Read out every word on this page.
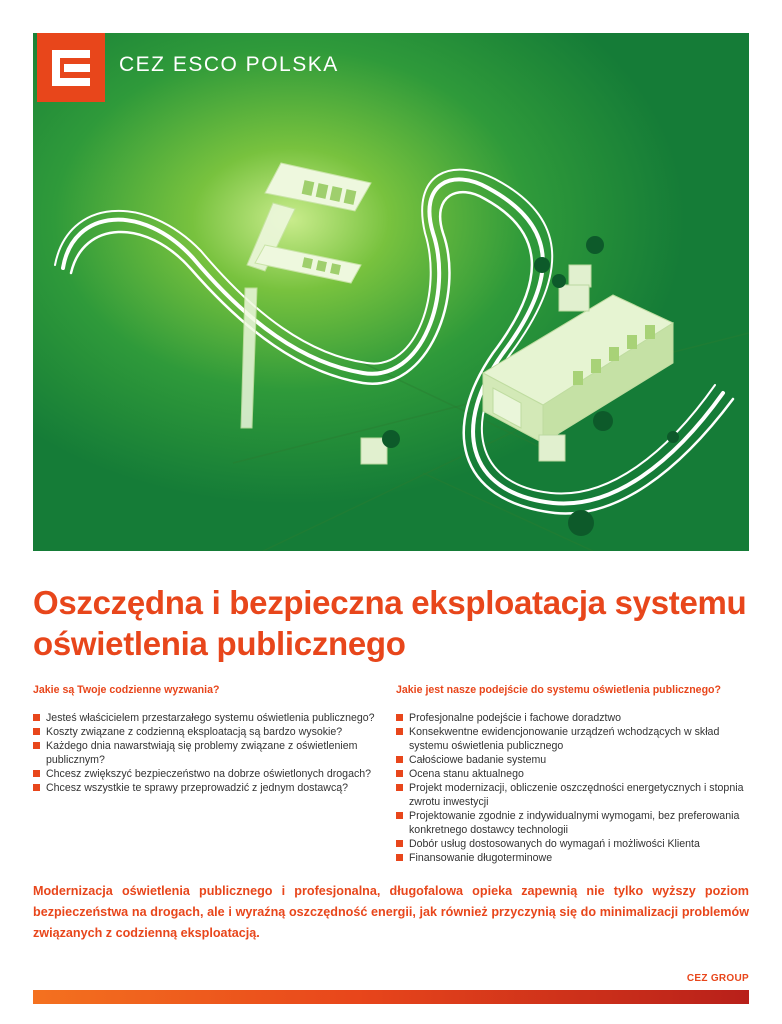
CEZ ESCO POLSKA
Oszczędna i bezpieczna eksploatacja systemu oświetlenia publicznego
Jakie są Twoje codzienne wyzwania?
Jesteś właścicielem przestarzałego systemu oświetlenia publicznego?
Koszty związane z codzienną eksploatacją są bardzo wysokie?
Każdego dnia nawarstwiają się problemy związane z oświetleniem publicznym?
Chcesz zwiększyć bezpieczeństwo na dobrze oświetlonych drogach?
Chcesz wszystkie te sprawy przeprowadzić z jednym dostawcą?
Jakie jest nasze podejście do systemu oświetlenia publicznego?
Profesjonalne podejście i fachowe doradztwo
Konsekwentne ewidencjonowanie urządzeń wchodzących w skład systemu oświetlenia publicznego
Całościowe badanie systemu
Ocena stanu aktualnego
Projekt modernizacji, obliczenie oszczędności energetycznych i stopnia zwrotu inwestycji
Projektowanie zgodnie z indywidualnymi wymogami, bez preferowania konkretnego dostawcy technologii
Dobór usług dostosowanych do wymagań i możliwości Klienta
Finansowanie długoterminowe

Modernizacja oświetlenia publicznego i profesjonalna, długofalowa opieka zapewnią nie tylko wyższy poziom bezpieczeństwa na drogach, ale i wyraźną oszczędność energii, jak również przyczynią się do minimalizacji problemów związanych z codzienną eksploatacją.

CEZ GROUP
